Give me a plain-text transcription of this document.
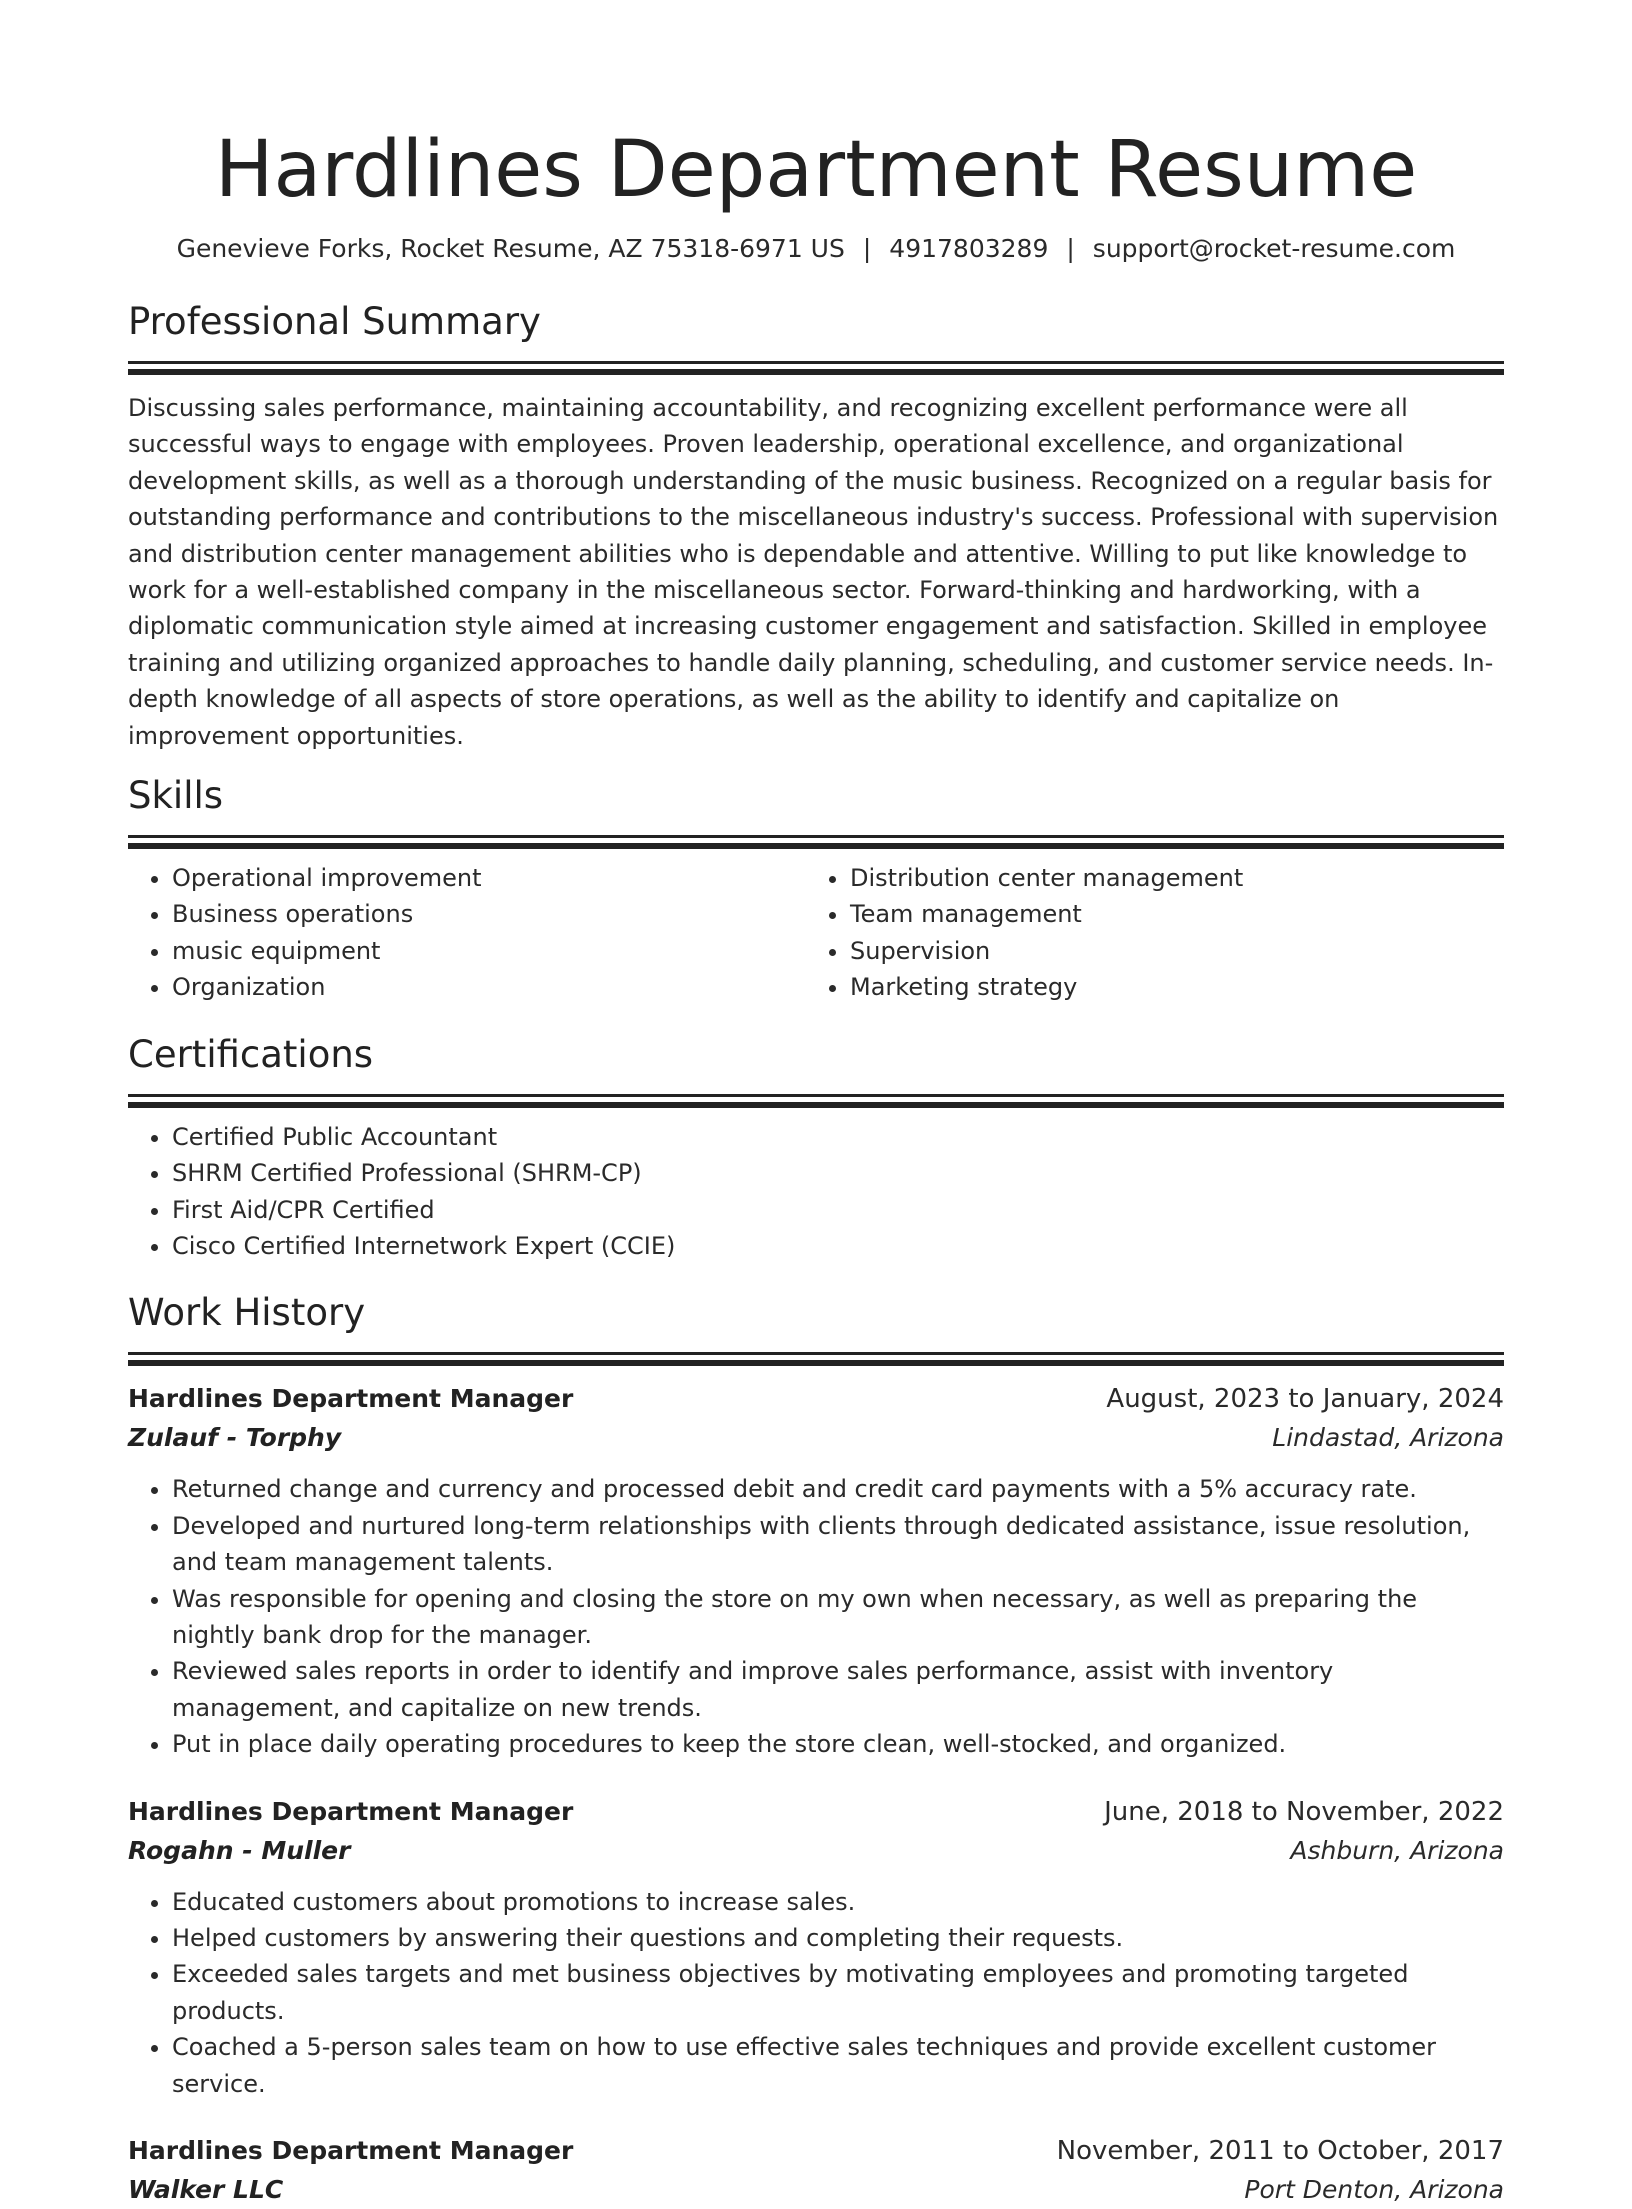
Hardlines Department Resume
Genevieve Forks, Rocket Resume, AZ 75318-6971 US | 4917803289 | support@rocket-resume.com
Professional Summary

Discussing sales performance, maintaining accountability, and recognizing excellent performance were all successful ways to engage with employees. Proven leadership, operational excellence, and organizational development skills, as well as a thorough understanding of the music business. Recognized on a regular basis for outstanding performance and contributions to the miscellaneous industry's success. Professional with supervision and distribution center management abilities who is dependable and attentive. Willing to put like knowledge to work for a well-established company in the miscellaneous sector. Forward-thinking and hardworking, with a diplomatic communication style aimed at increasing customer engagement and satisfaction. Skilled in employee training and utilizing organized approaches to handle daily planning, scheduling, and customer service needs. In-depth knowledge of all aspects of store operations, as well as the ability to identify and capitalize on improvement opportunities.

Skills
• Operational improvement
• Business operations
• music equipment
• Organization
• Distribution center management
• Team management
• Supervision
• Marketing strategy
Certifications
• Certified Public Accountant
• SHRM Certified Professional (SHRM-CP)
• First Aid/CPR Certified
• Cisco Certified Internetwork Expert (CCIE)
Work History
Hardlines Department Manager	August, 2023 to January, 2024
Zulauf - Torphy	Lindastad, Arizona
• Returned change and currency and processed debit and credit card payments with a 5% accuracy rate.
• Developed and nurtured long-term relationships with clients through dedicated assistance, issue resolution, and team management talents.
• Was responsible for opening and closing the store on my own when necessary, as well as preparing the nightly bank drop for the manager.
• Reviewed sales reports in order to identify and improve sales performance, assist with inventory management, and capitalize on new trends.
• Put in place daily operating procedures to keep the store clean, well-stocked, and organized.
Hardlines Department Manager	June, 2018 to November, 2022
Rogahn - Muller	Ashburn, Arizona
• Educated customers about promotions to increase sales.
• Helped customers by answering their questions and completing their requests.
• Exceeded sales targets and met business objectives by motivating employees and promoting targeted products.
• Coached a 5-person sales team on how to use effective sales techniques and provide excellent customer service.
Hardlines Department Manager	November, 2011 to October, 2017
Walker LLC	Port Denton, Arizona
